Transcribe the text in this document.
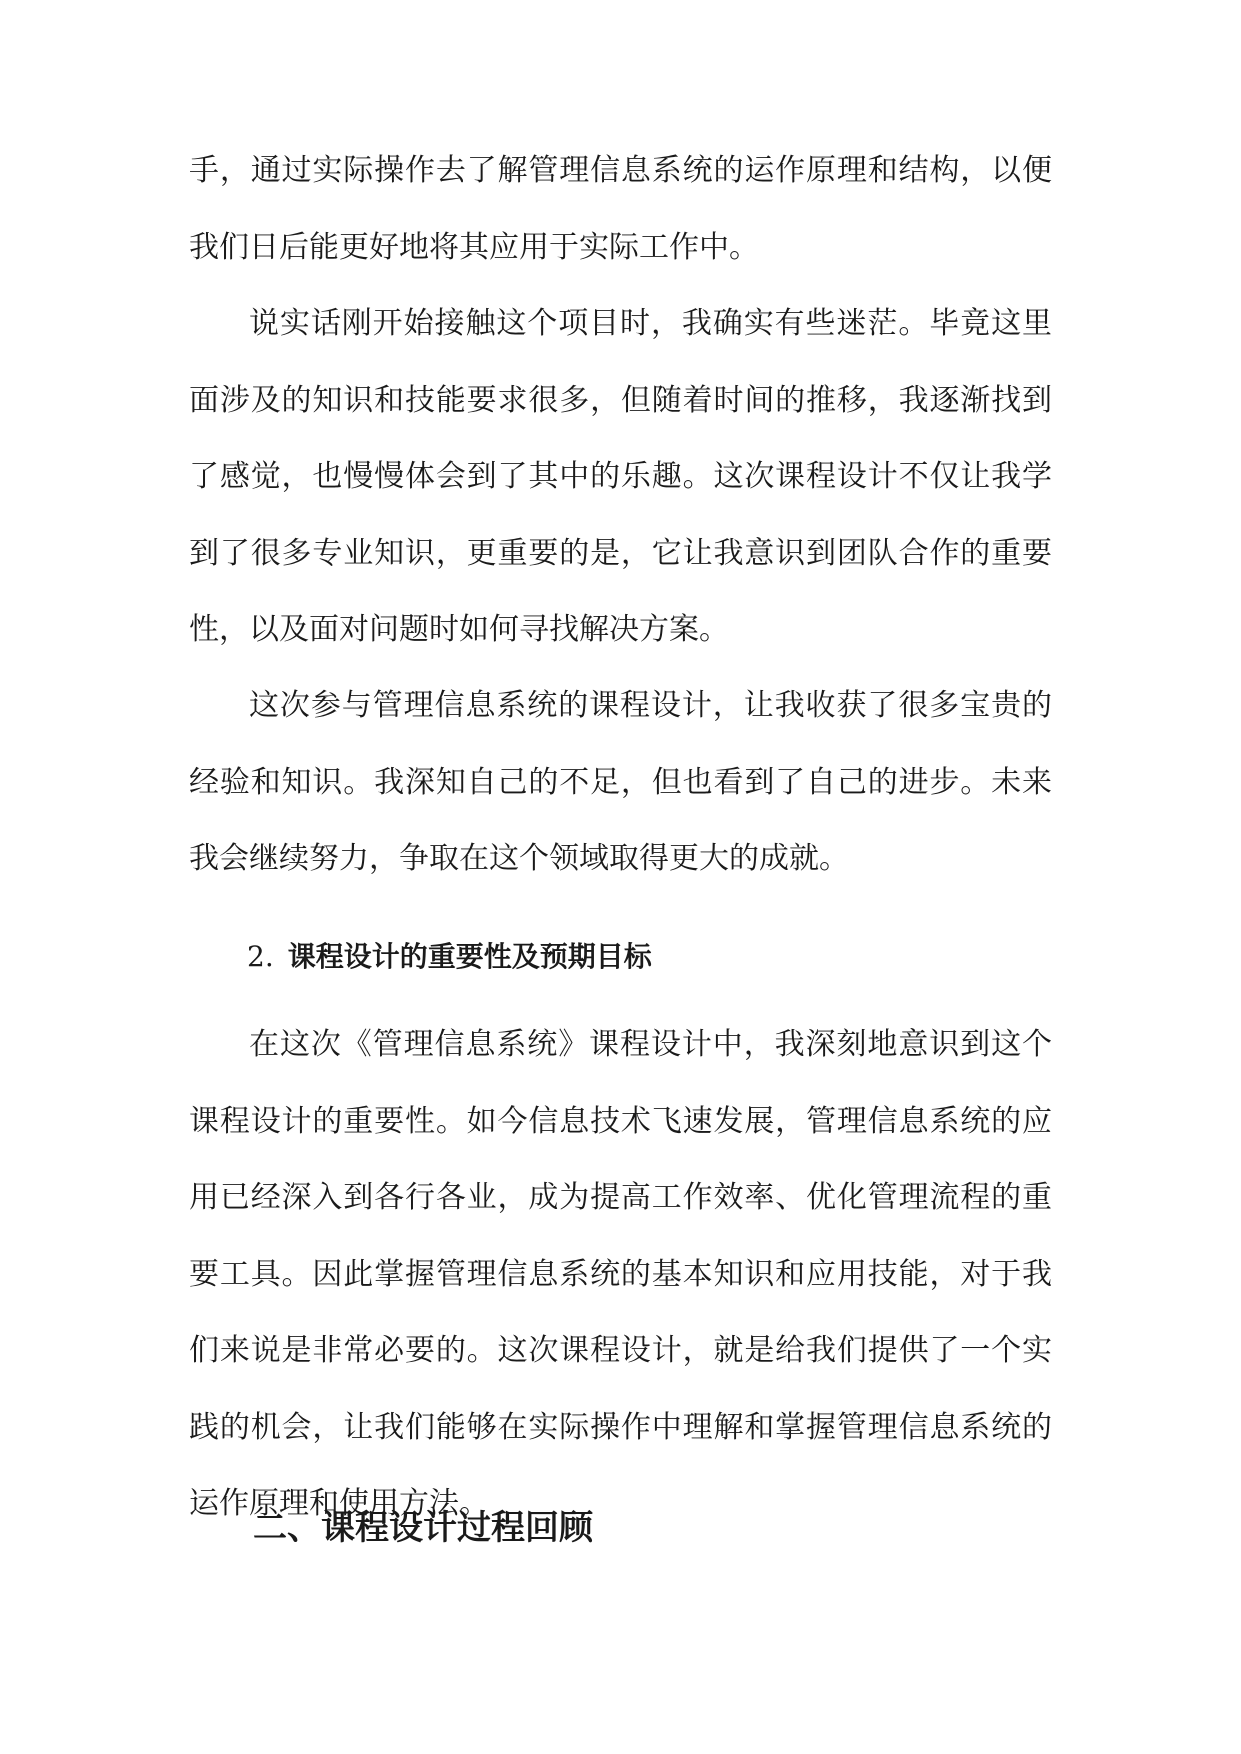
手，通过实际操作去了解管理信息系统的运作原理和结构，以便我们日后能更好地将其应用于实际工作中。

说实话刚开始接触这个项目时，我确实有些迷茫。毕竟这里面涉及的知识和技能要求很多，但随着时间的推移，我逐渐找到了感觉，也慢慢体会到了其中的乐趣。这次课程设计不仅让我学到了很多专业知识，更重要的是，它让我意识到团队合作的重要性，以及面对问题时如何寻找解决方案。

这次参与管理信息系统的课程设计，让我收获了很多宝贵的经验和知识。我深知自己的不足，但也看到了自己的进步。未来我会继续努力，争取在这个领域取得更大的成就。

2. 课程设计的重要性及预期目标

在这次《管理信息系统》课程设计中，我深刻地意识到这个课程设计的重要性。如今信息技术飞速发展，管理信息系统的应用已经深入到各行各业，成为提高工作效率、优化管理流程的重要工具。因此掌握管理信息系统的基本知识和应用技能，对于我们来说是非常必要的。这次课程设计，就是给我们提供了一个实践的机会，让我们能够在实际操作中理解和掌握管理信息系统的运作原理和使用方法。

二、课程设计过程回顾
